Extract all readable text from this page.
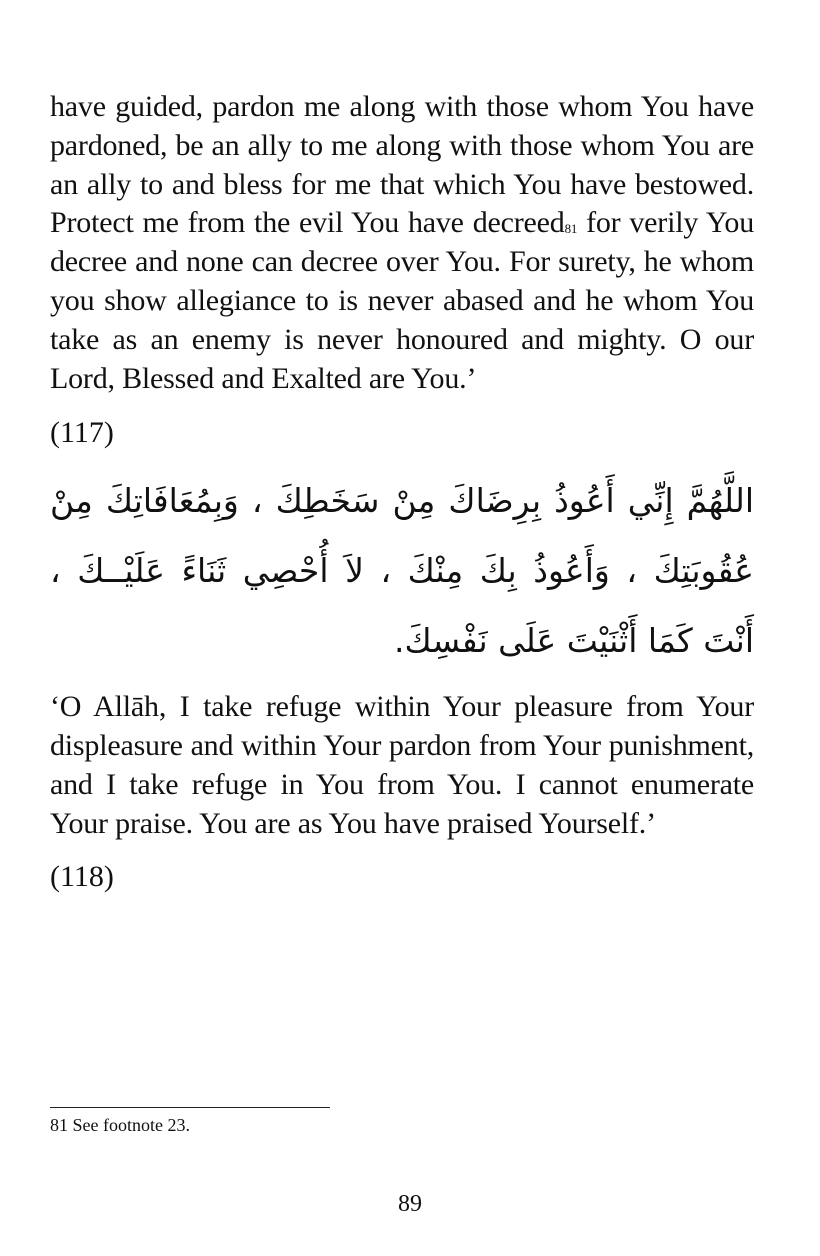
have guided, pardon me along with those whom You have pardoned, be an ally to me along with those whom You are an ally to and bless for me that which You have bestowed. Protect me from the evil You have decreed$^{81}$ for verily You decree and none can decree over You. For surety, he whom you show allegiance to is never abased and he whom You take as an enemy is never honoured and mighty. O our Lord, Blessed and Exalted are You.’

(117)

اللَّهُمَّ إِنِّي أَعُوذُ بِرِضَاكَ مِنْ سَخَطِكَ ، وَبِمُعَافَاتِكَ مِنْ عُقُوبَتِكَ ، وَأَعُوذُ بِكَ مِنْكَ ، لاَ أُحْصِي ثَنَاءً عَلَيْــكَ ، أَنْتَ كَمَا أَثْنَيْتَ عَلَى نَفْسِكَ.

‘O Allāh, I take refuge within Your pleasure from Your displeasure and within Your pardon from Your punishment, and I take refuge in You from You. I cannot enumerate Your praise. You are as You have praised Yourself.’

(118)

81 See footnote 23.
89
